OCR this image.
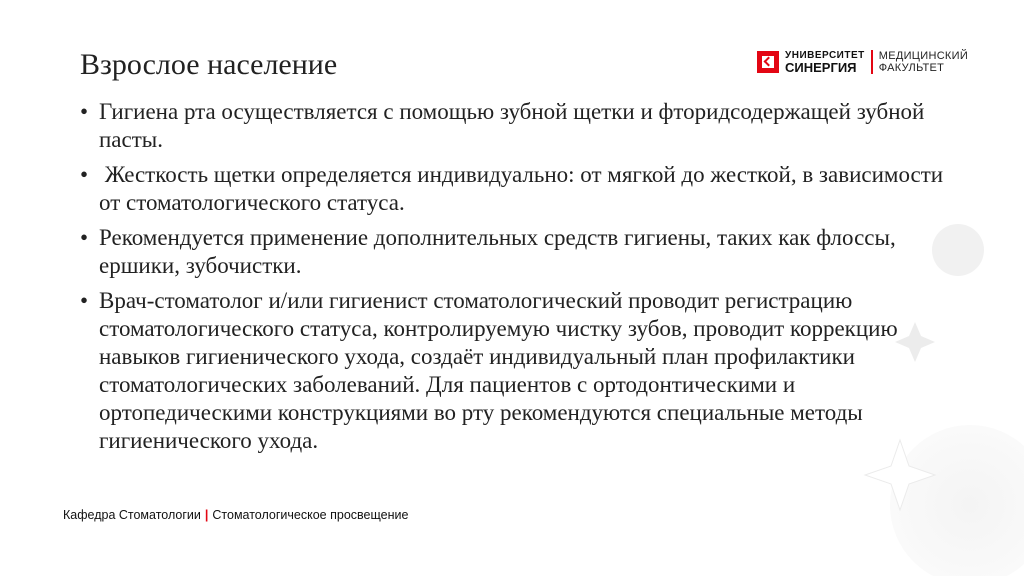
Взрослое население	УНИВЕРСИТЕТ
СИНЕРГИЯ
МЕДИЦИНСКИЙ
ФАКУЛЬТЕТ
• Гигиена рта осуществляется с помощью зубной щетки и фторидсодержащей зубной пасты.
• Жесткость щетки определяется индивидуально: от мягкой до жесткой, в зависимости от стоматологического статуса.
• Рекомендуется применение дополнительных средств гигиены, таких как флоссы, ершики, зубочистки.
• Врач-стоматолог и/или гигиенист стоматологический проводит регистрацию стоматологического статуса, контролируемую чистку зубов, проводит коррекцию навыков гигиенического ухода, создаёт индивидуальный план профилактики стоматологических заболеваний. Для пациентов с ортодонтическими и ортопедическими конструкциями во рту рекомендуются специальные методы гигиенического ухода.
Кафедра Стоматологии | Стоматологическое просвещение
